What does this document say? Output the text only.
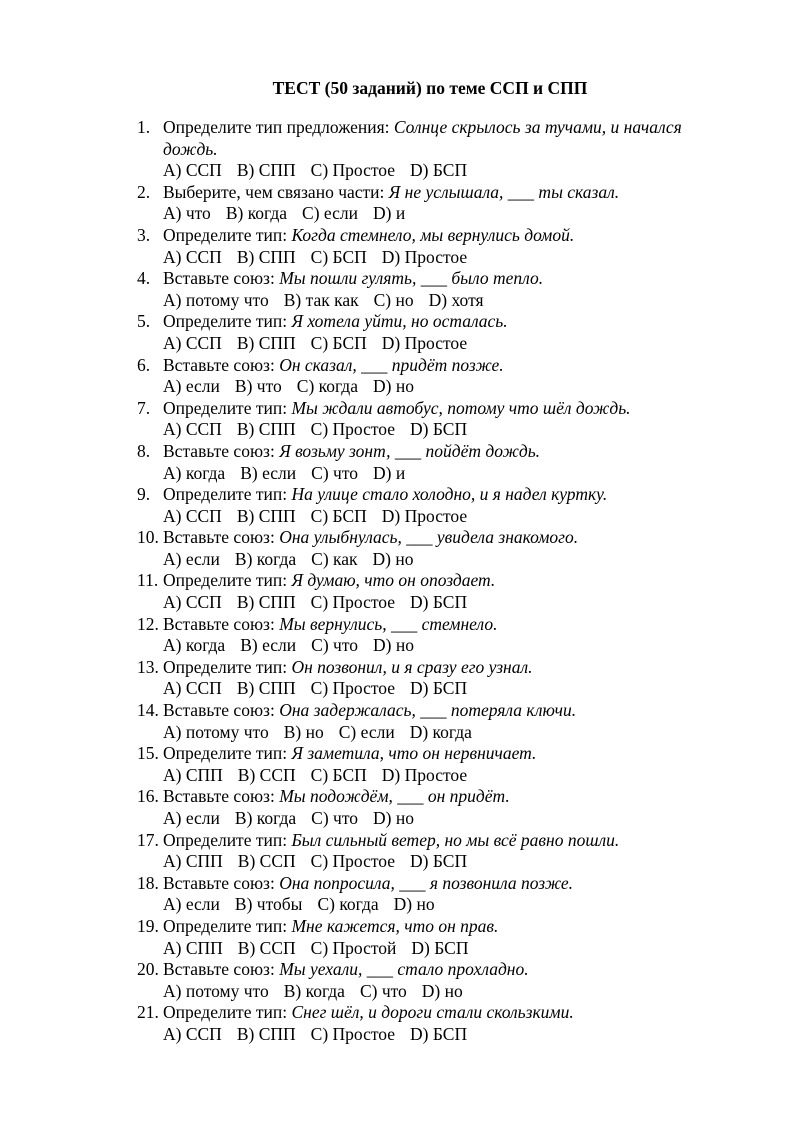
ТЕСТ (50 заданий) по теме ССП и СПП
1. Определите тип предложения: Солнце скрылось за тучами, и начался дождь.
A) ССП B) СПП C) Простое D) БСП
2. Выберите, чем связано части: Я не услышала, ___ ты сказал.
A) что B) когда C) если D) и
3. Определите тип: Когда стемнело, мы вернулись домой.
A) ССП B) СПП C) БСП D) Простое
4. Вставьте союз: Мы пошли гулять, ___ было тепло.
A) потому что B) так как C) но D) хотя
5. Определите тип: Я хотела уйти, но осталась.
A) ССП B) СПП C) БСП D) Простое
6. Вставьте союз: Он сказал, ___ придёт позже.
A) если B) что C) когда D) но
7. Определите тип: Мы ждали автобус, потому что шёл дождь.
A) ССП B) СПП C) Простое D) БСП
8. Вставьте союз: Я возьму зонт, ___ пойдёт дождь.
A) когда B) если C) что D) и
9. Определите тип: На улице стало холодно, и я надел куртку.
A) ССП B) СПП C) БСП D) Простое
10. Вставьте союз: Она улыбнулась, ___ увидела знакомого.
A) если B) когда C) как D) но
11. Определите тип: Я думаю, что он опоздает.
A) ССП B) СПП C) Простое D) БСП
12. Вставьте союз: Мы вернулись, ___ стемнело.
A) когда B) если C) что D) но
13. Определите тип: Он позвонил, и я сразу его узнал.
A) ССП B) СПП C) Простое D) БСП
14. Вставьте союз: Она задержалась, ___ потеряла ключи.
A) потому что B) но C) если D) когда
15. Определите тип: Я заметила, что он нервничает.
A) СПП B) ССП C) БСП D) Простое
16. Вставьте союз: Мы подождём, ___ он придёт.
A) если B) когда C) что D) но
17. Определите тип: Был сильный ветер, но мы всё равно пошли.
A) СПП B) ССП C) Простое D) БСП
18. Вставьте союз: Она попросила, ___ я позвонила позже.
A) если B) чтобы C) когда D) но
19. Определите тип: Мне кажется, что он прав.
A) СПП B) ССП C) Простой D) БСП
20. Вставьте союз: Мы уехали, ___ стало прохладно.
A) потому что B) когда C) что D) но
21. Определите тип: Снег шёл, и дороги стали скользкими.
A) ССП B) СПП C) Простое D) БСП
